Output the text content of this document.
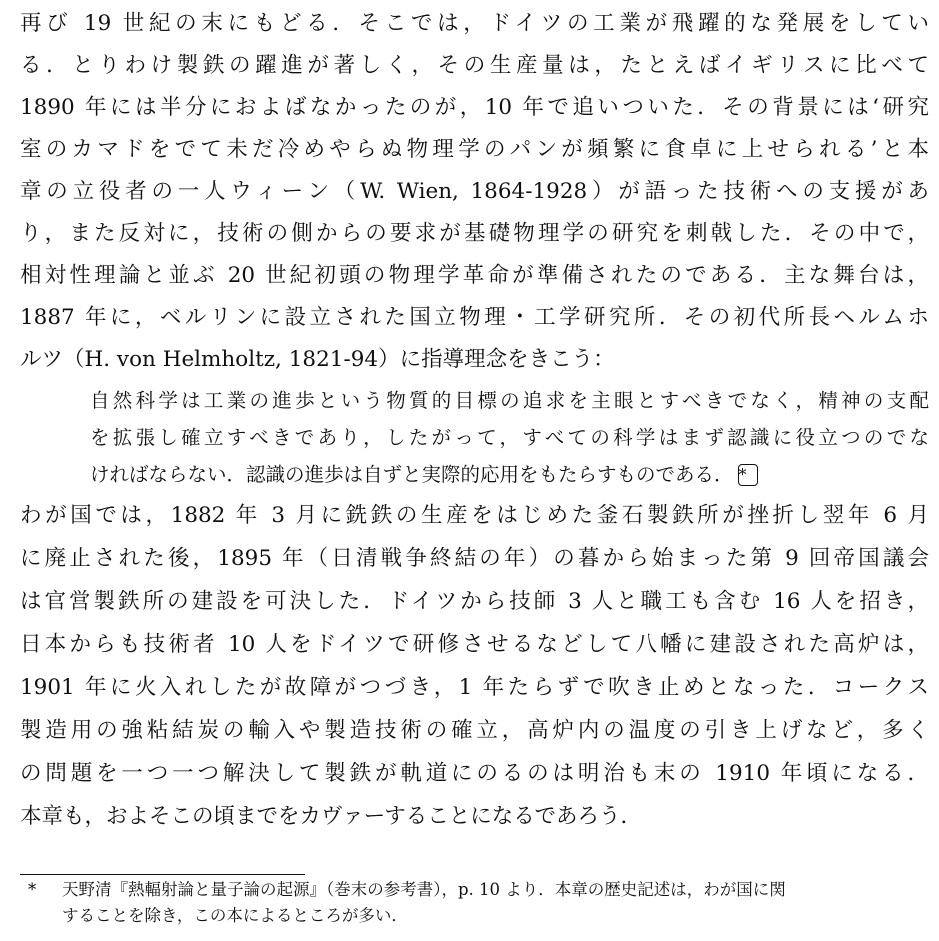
再び 19 世紀の末にもどる．そこでは，ドイツの工業が飛躍的な発展をしてい
る．とりわけ製鉄の躍進が著しく，その生産量は，たとえばイギリスに比べて
1890 年には半分におよばなかったのが，10 年で追いついた．その背景には‘研究
室のカマドをでて未だ冷めやらぬ物理学のパンが頻繁に食卓に上せられる’と本
章の立役者の一人ウィーン（W. Wien, 1864-1928）が語った技術への支援があ
り，また反対に，技術の側からの要求が基礎物理学の研究を刺戟した．その中で，
相対性理論と並ぶ 20 世紀初頭の物理学革命が準備されたのである．主な舞台は，
1887 年に，ベルリンに設立された国立物理・工学研究所．その初代所長ヘルムホ
ルツ（H. von Helmholtz, 1821-94）に指導理念をきこう：
自然科学は工業の進歩という物質的目標の追求を主眼とすべきでなく，精神の支配
を拡張し確立すべきであり，したがって，すべての科学はまず認識に役立つのでな
ければならない．認識の進歩は自ずと実際的応用をもたらすものである． *
わが国では，1882 年 3 月に銑鉄の生産をはじめた釜石製鉄所が挫折し翌年 6 月
に廃止された後，1895 年（日清戦争終結の年）の暮から始まった第 9 回帝国議会
は官営製鉄所の建設を可決した．ドイツから技師 3 人と職工も含む 16 人を招き，
日本からも技術者 10 人をドイツで研修させるなどして八幡に建設された高炉は，
1901 年に火入れしたが故障がつづき，1 年たらずで吹き止めとなった．コークス
製造用の強粘結炭の輸入や製造技術の確立，高炉内の温度の引き上げなど，多く
の問題を一つ一つ解決して製鉄が軌道にのるのは明治も末の 1910 年頃になる．
本章も，およそこの頃までをカヴァーすることになるであろう．
* 天野清『熱輻射論と量子論の起源』（巻末の参考書），p. 10 より．本章の歴史記述は，わが国に関
することを除き，この本によるところが多い．
